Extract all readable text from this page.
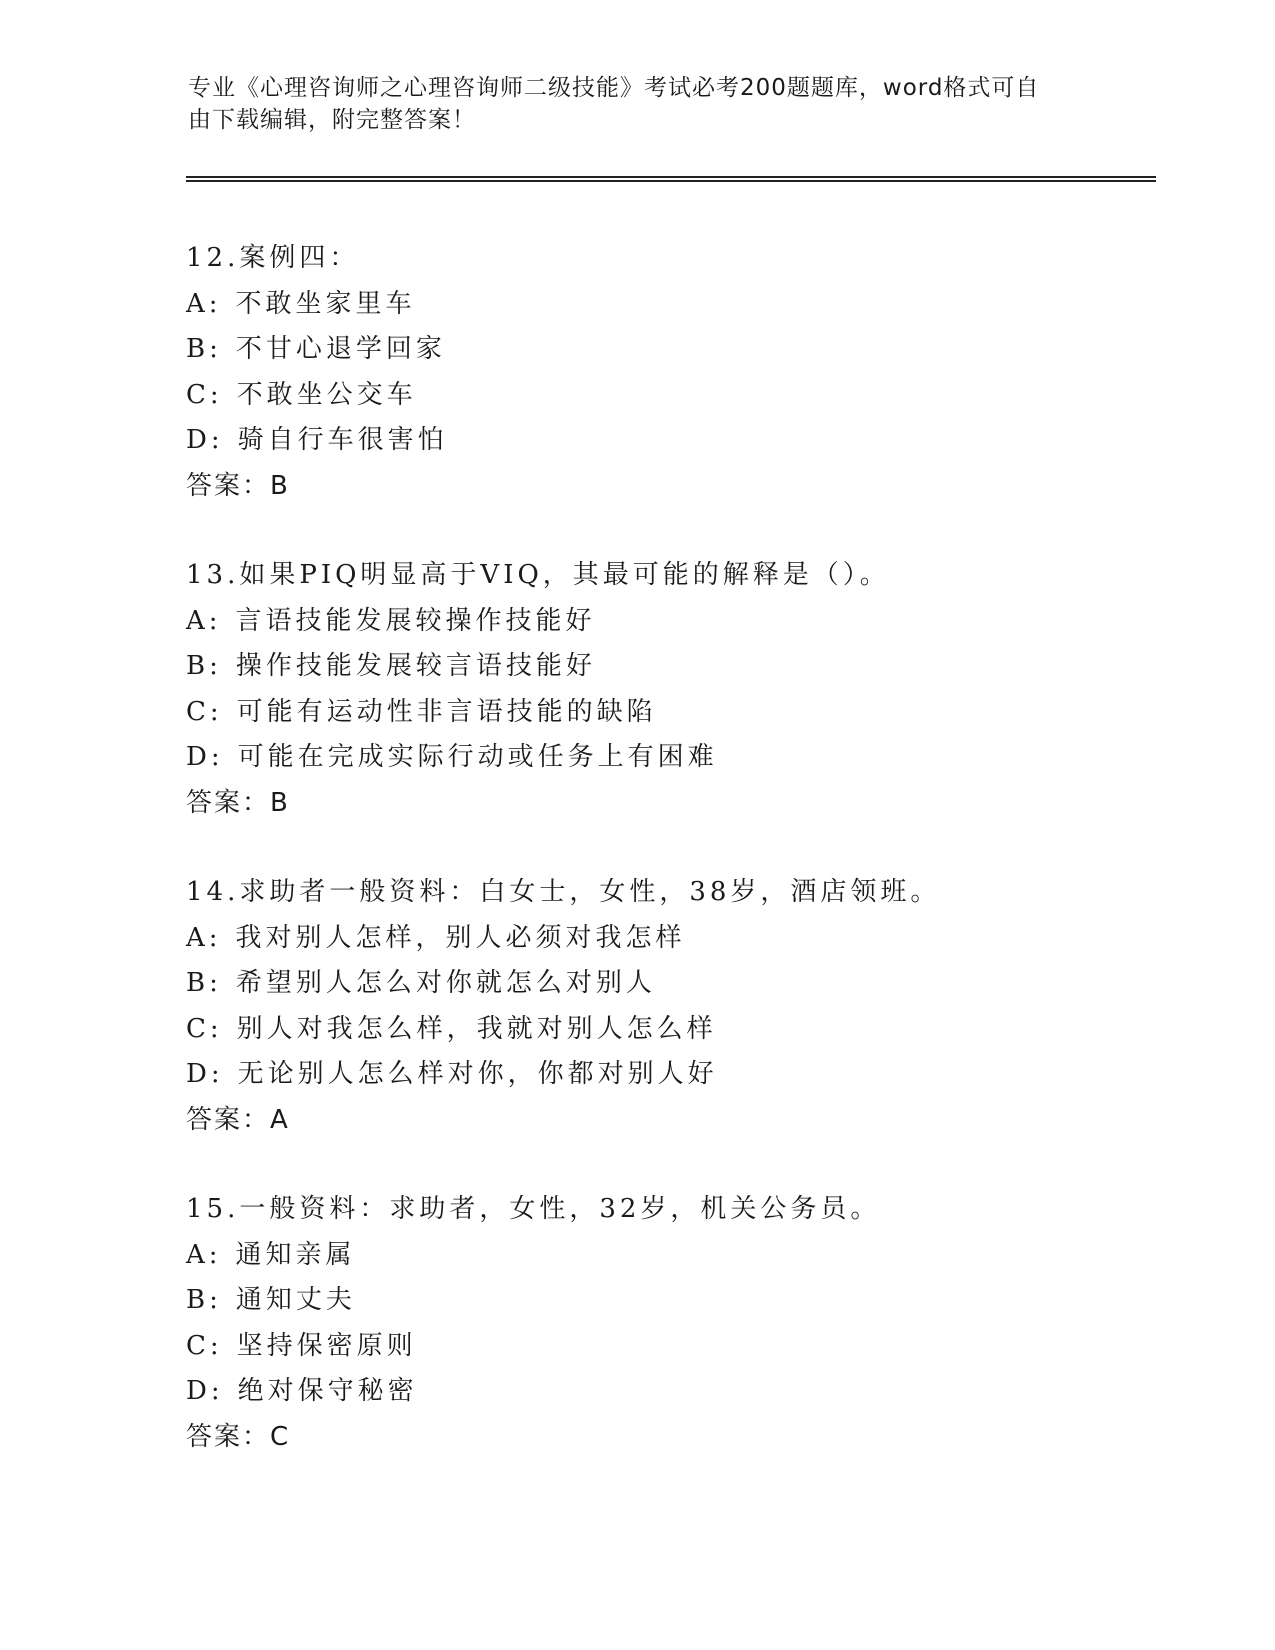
专业《心理咨询师之心理咨询师二级技能》考试必考200题题库，word格式可自
由下载编辑，附完整答案！
12.案例四：
A: 不敢坐家里车
B: 不甘心退学回家
C: 不敢坐公交车
D: 骑自行车很害怕
答案：B
13.如果PIQ明显高于VIQ，其最可能的解释是（）。
A: 言语技能发展较操作技能好
B: 操作技能发展较言语技能好
C: 可能有运动性非言语技能的缺陷
D: 可能在完成实际行动或任务上有困难
答案：B
14.求助者一般资料：白女士，女性，38岁，酒店领班。
A: 我对别人怎样，别人必须对我怎样
B: 希望别人怎么对你就怎么对别人
C: 别人对我怎么样，我就对别人怎么样
D: 无论别人怎么样对你，你都对别人好
答案：A
15.一般资料：求助者，女性，32岁，机关公务员。
A: 通知亲属
B: 通知丈夫
C: 坚持保密原则
D: 绝对保守秘密
答案：C
